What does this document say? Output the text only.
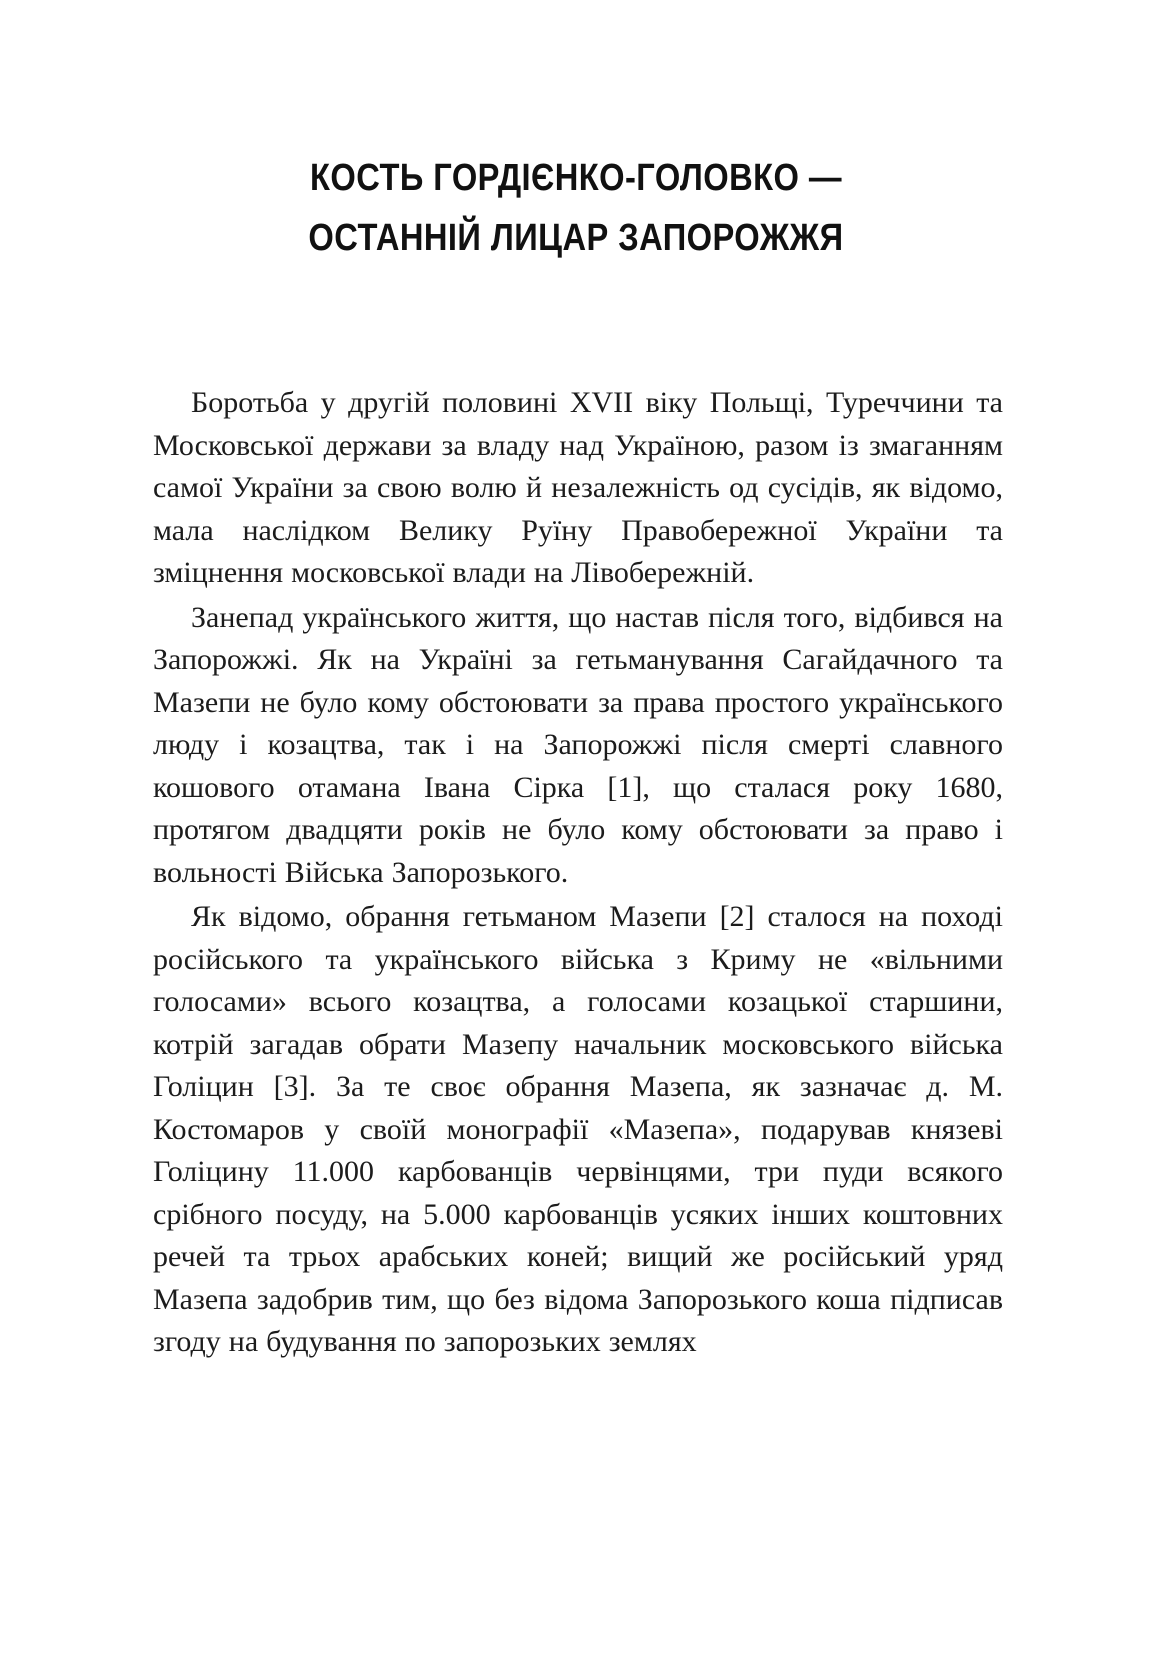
КОСТЬ ГОРДІЄНКО-ГОЛОВКО —
ОСТАННІЙ ЛИЦАР ЗАПОРОЖЖЯ

Боротьба у другій половині XVII віку Польщі, Туреччини та Московської держави за владу над Україною, разом із змаганням самої України за свою волю й незалежність од сусідів, як відомо, мала наслідком Велику Руїну Правобережної України та зміцнення московської влади на Лівобережній.

Занепад українського життя, що настав після того, відбився на Запорожжі. Як на Україні за гетьманування Сагайдачного та Мазепи не було кому обстоювати за права простого українського люду і козацтва, так і на Запорожжі після смерті славного кошового отамана Івана Сірка [1], що сталася року 1680, протягом двадцяти років не було кому обстоювати за право і вольності Війська Запорозького.

Як відомо, обрання гетьманом Мазепи [2] сталося на поході російського та українського війська з Криму не «вільними голосами» всього козацтва, а голосами козацької старшини, котрій загадав обрати Мазепу начальник московського війська Голіцин [3]. За те своє обрання Мазепа, як зазначає д. М. Костомаров у своїй монографії «Мазепа», подарував князеві Голіцину 11.000 карбованців червінцями, три пуди всякого срібного посуду, на 5.000 карбованців усяких інших коштовних речей та трьох арабських коней; вищий же російський уряд Мазепа задобрив тим, що без відома Запорозького коша підписав згоду на будування по запорозьких землях
